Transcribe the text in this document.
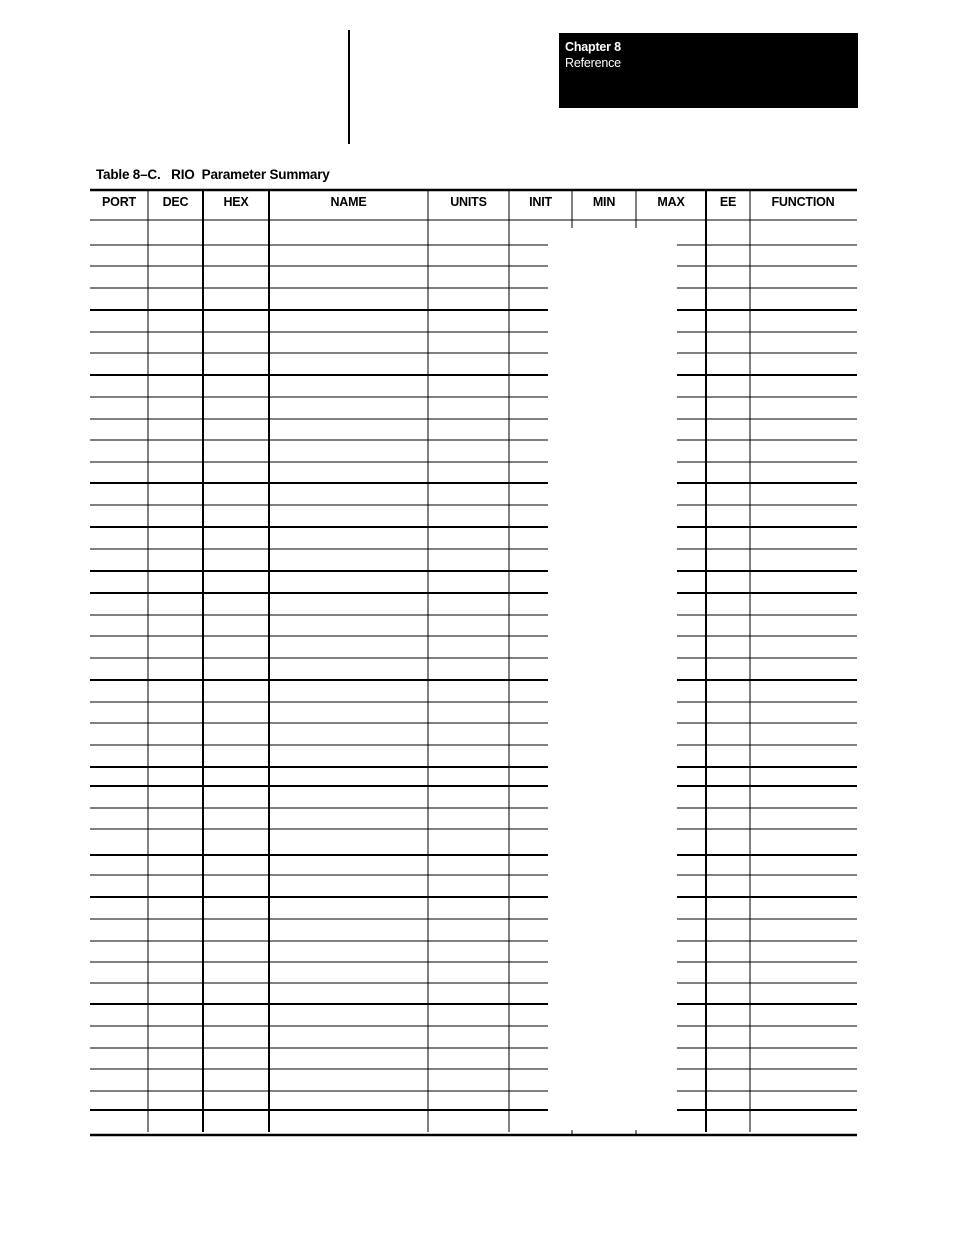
Chapter 8
Reference
Table 8–C.   RIO  Parameter Summary
PORT	DEC	HEX	NAME	UNITS	INIT	MIN	MAX	EE	FUNCTION
